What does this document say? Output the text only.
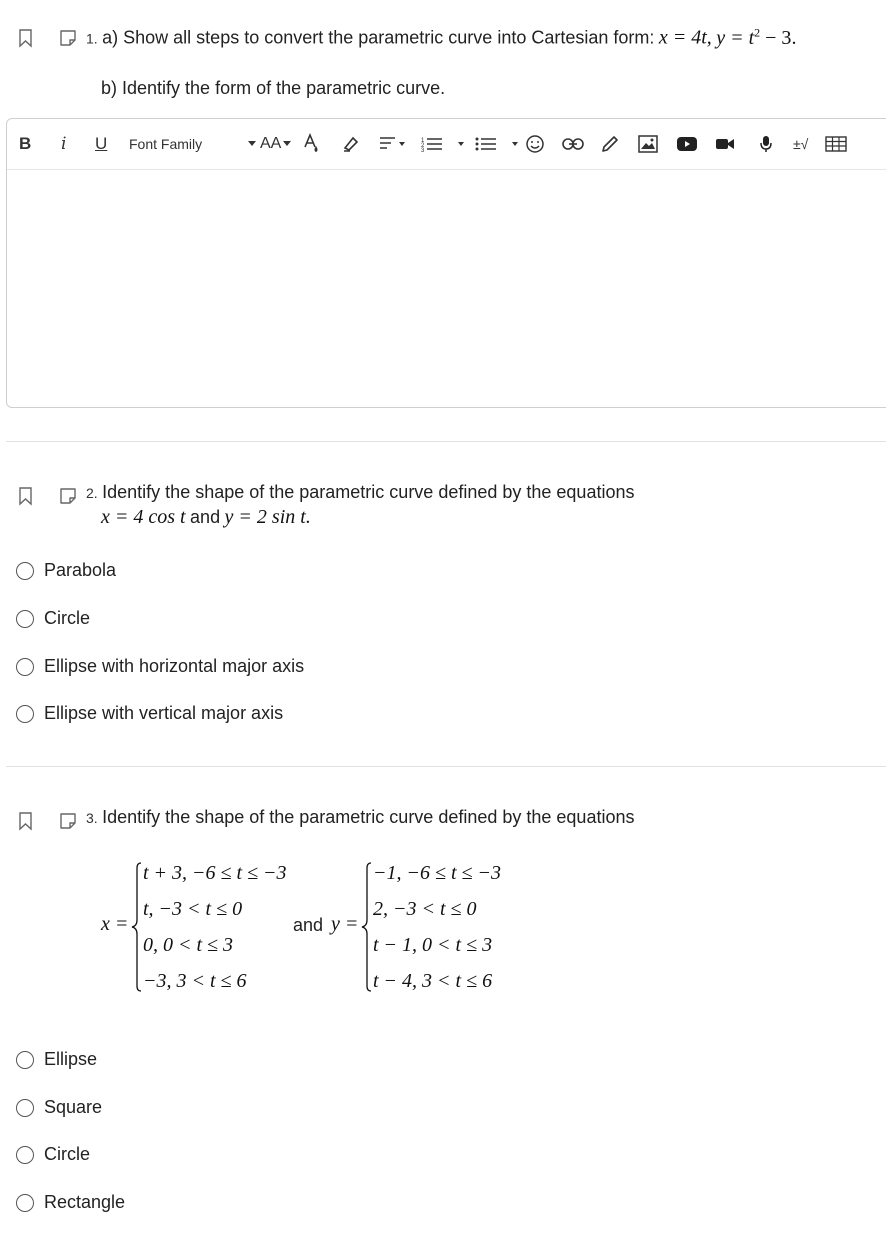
1. a) Show all steps to convert the parametric curve into Cartesian form: x = 4t, $y = t^2 - 3$.
b) Identify the form of the parametric curve.
B i U Font Family	AA	1
2
3	±√
2. Identify the shape of the parametric curve defined by the equations
x = 4 cos t and y = 2 sin t.
Parabola
Circle
Ellipse with horizontal major axis
Ellipse with vertical major axis
3. Identify the shape of the parametric curve defined by the equations
x =
t + 3, −6 ≤ t ≤ −3
t, −3 < t ≤ 0
0, 0 < t ≤ 3
−3, 3 < t ≤ 6
and y =
−1, −6 ≤ t ≤ −3
2, −3 < t ≤ 0
t − 1, 0 < t ≤ 3
t − 4, 3 < t ≤ 6
Ellipse
Square
Circle
Rectangle
